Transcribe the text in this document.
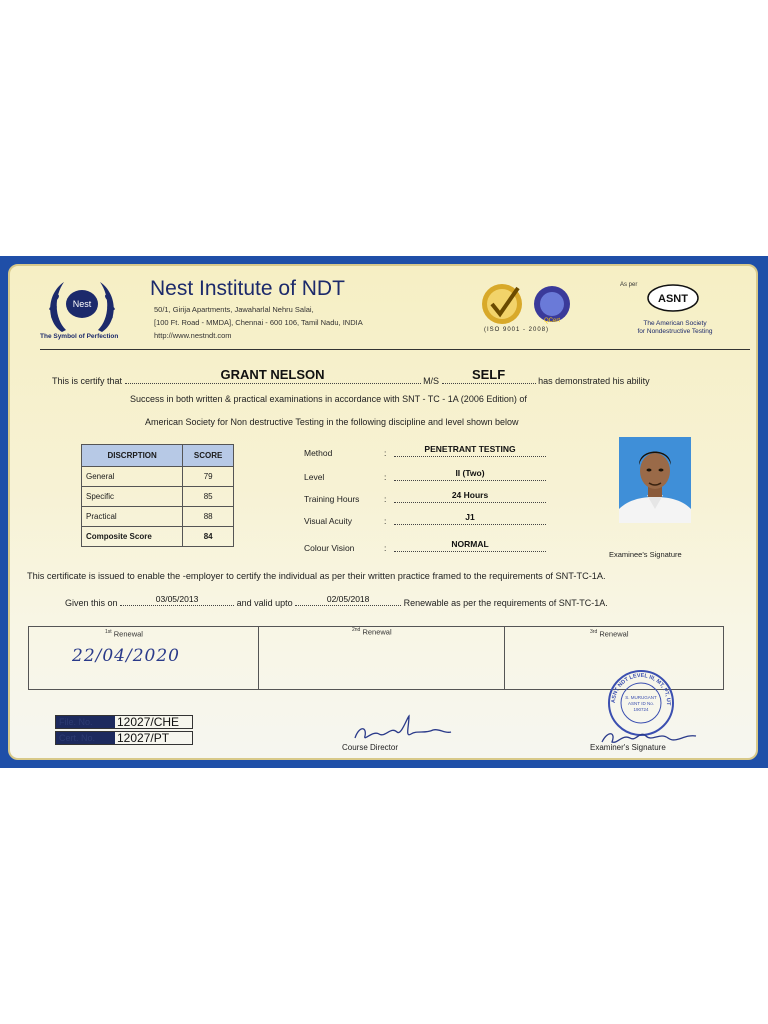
Nest
The Symbol of Perfection
Nest Institute of NDT
50/1, Girija Apartments, Jawaharlal Nehru Salai,
[100 Ft. Road - MMDA], Chennai - 600 106, Tamil Nadu, INDIA
http://www.nestndt.com
QCert
(ISO 9001 - 2008)
As per
ASNT
The American Society
for Nondestructive Testing
This is certify that	GRANT NELSON	M/S	SELF	has demonstrated his ability
Success in both written & practical examinations in accordance with SNT - TC - 1A (2006 Edition) of
American Society for Non destructive Testing in the following discipline and level shown below
DISCRPTION	SCORE
General	79
Specific	85
Practical	88
Composite Score	84
Method	:	PENETRANT TESTING
Level	:	II (Two)
Training Hours	:	24 Hours
Visual Acuity	:	J1
Colour Vision	:	NORMAL
Examinee's Signature
This certificate is issued to enable the -employer to certify the individual as per their written practice framed to the requirements of SNT-TC-1A.
Given this on	03/05/2013	and valid upto	02/05/2018	Renewable as per the requirements of SNT-TC-1A.
$^{1st}$ Renewal	$^{2nd}$ Renewal	$^{3rd}$ Renewal
22/04/2020
File. No.	12027/CHE
Cert. No.	12027/PT
Course Director
ASNT NDT LEVEL III, MT, PT, UT
S. MURUGANT
ASNT ID No.
190724
Examiner's Signature
